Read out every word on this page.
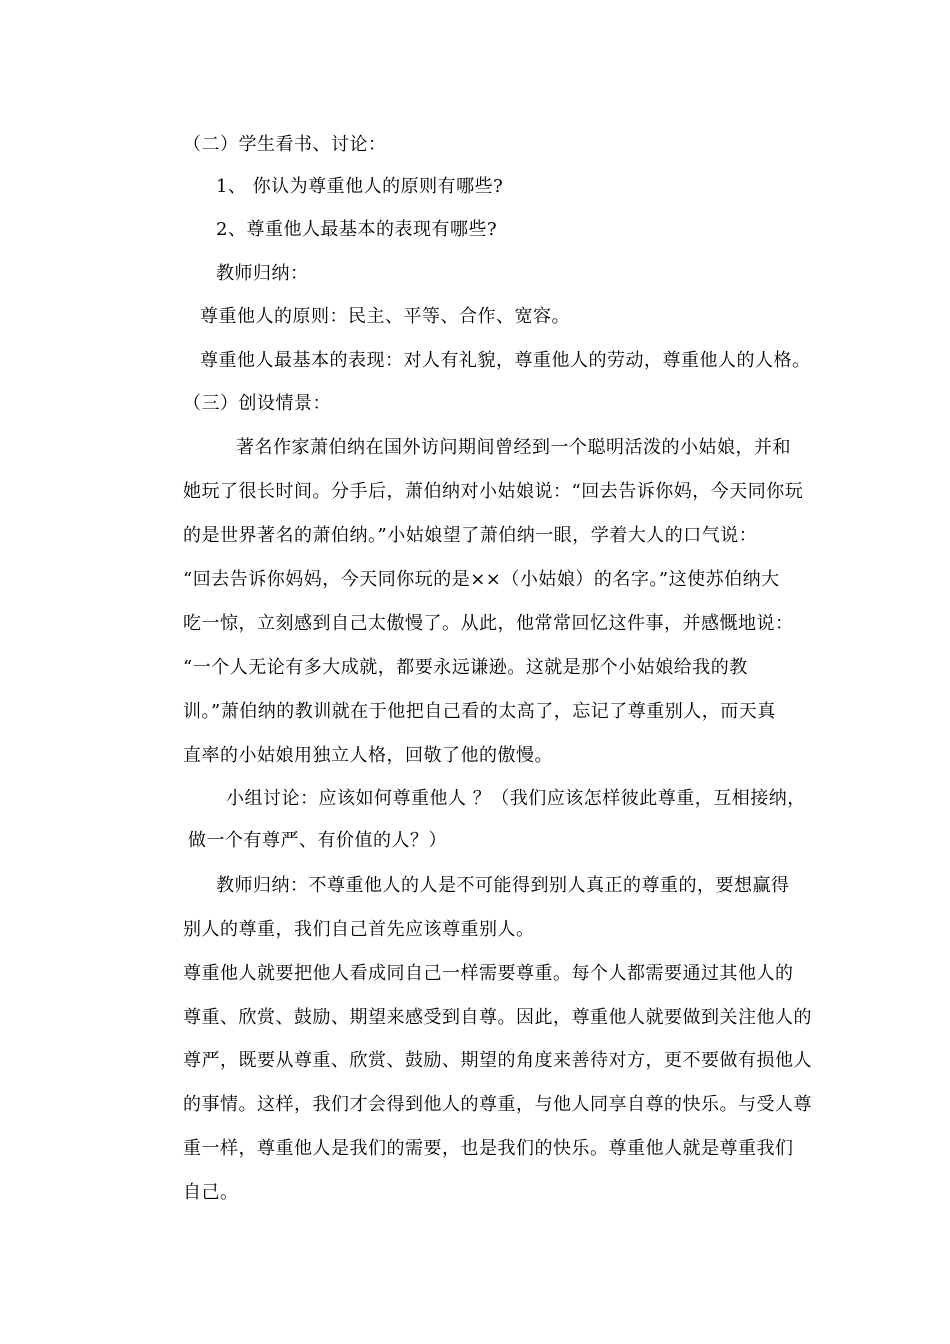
（二）学生看书、讨论：
1、 你认为尊重他人的原则有哪些?
2、尊重他人最基本的表现有哪些?
教师归纳：
尊重他人的原则：民主、平等、合作、宽容。
尊重他人最基本的表现：对人有礼貌，尊重他人的劳动，尊重他人的人格。
（三）创设情景：
著名作家萧伯纳在国外访问期间曾经到一个聪明活泼的小姑娘，并和
她玩了很长时间。分手后，萧伯纳对小姑娘说：“回去告诉你妈，今天同你玩
的是世界著名的萧伯纳。”小姑娘望了萧伯纳一眼，学着大人的口气说：
“回去告诉你妈妈，今天同你玩的是××（小姑娘）的名字。”这使苏伯纳大
吃一惊，立刻感到自己太傲慢了。从此，他常常回忆这件事，并感慨地说：
“一个人无论有多大成就，都要永远谦逊。这就是那个小姑娘给我的教
训。”萧伯纳的教训就在于他把自己看的太高了，忘记了尊重别人，而天真
直率的小姑娘用独立人格，回敬了他的傲慢。
小组讨论：应该如何尊重他人 ？（我们应该怎样彼此尊重，互相接纳，
做一个有尊严、有价值的人？）
教师归纳：不尊重他人的人是不可能得到别人真正的尊重的，要想赢得
别人的尊重，我们自己首先应该尊重别人。
尊重他人就要把他人看成同自己一样需要尊重。每个人都需要通过其他人的
尊重、欣赏、鼓励、期望来感受到自尊。因此，尊重他人就要做到关注他人的
尊严，既要从尊重、欣赏、鼓励、期望的角度来善待对方，更不要做有损他人
的事情。这样，我们才会得到他人的尊重，与他人同享自尊的快乐。与受人尊
重一样，尊重他人是我们的需要，也是我们的快乐。尊重他人就是尊重我们
自己。
